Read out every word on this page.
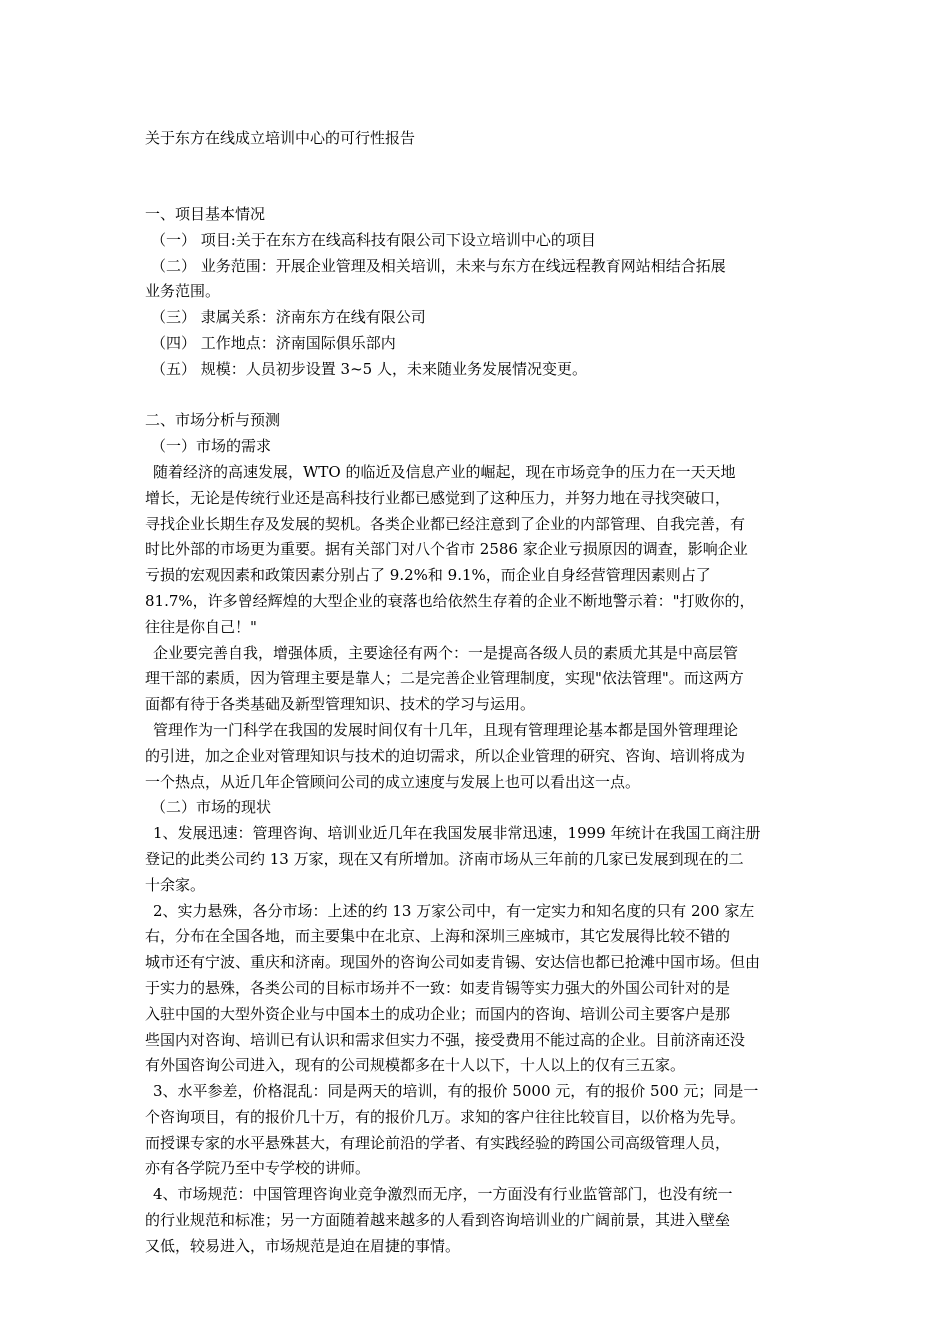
关于东方在线成立培训中心的可行性报告
一、项目基本情况
（一） 项目:关于在东方在线高科技有限公司下设立培训中心的项目
（二） 业务范围：开展企业管理及相关培训，未来与东方在线远程教育网站相结合拓展
业务范围。
（三） 隶属关系：济南东方在线有限公司
（四） 工作地点：济南国际俱乐部内
（五） 规模：人员初步设置 3~5 人，未来随业务发展情况变更。
二、市场分析与预测
（一）市场的需求
随着经济的高速发展，WTO 的临近及信息产业的崛起，现在市场竞争的压力在一天天地
增长，无论是传统行业还是高科技行业都已感觉到了这种压力，并努力地在寻找突破口，
寻找企业长期生存及发展的契机。各类企业都已经注意到了企业的内部管理、自我完善，有
时比外部的市场更为重要。据有关部门对八个省市 2586 家企业亏损原因的调查，影响企业
亏损的宏观因素和政策因素分别占了 9.2%和 9.1%，而企业自身经营管理因素则占了
81.7%，许多曾经辉煌的大型企业的衰落也给依然生存着的企业不断地警示着："打败你的，
往往是你自己！"
企业要完善自我，增强体质，主要途径有两个：一是提高各级人员的素质尤其是中高层管
理干部的素质，因为管理主要是靠人；二是完善企业管理制度，实现"依法管理"。而这两方
面都有待于各类基础及新型管理知识、技术的学习与运用。
管理作为一门科学在我国的发展时间仅有十几年，且现有管理理论基本都是国外管理理论
的引进，加之企业对管理知识与技术的迫切需求，所以企业管理的研究、咨询、培训将成为
一个热点，从近几年企管顾问公司的成立速度与发展上也可以看出这一点。
（二）市场的现状
1、发展迅速：管理咨询、培训业近几年在我国发展非常迅速，1999 年统计在我国工商注册
登记的此类公司约 13 万家，现在又有所增加。济南市场从三年前的几家已发展到现在的二
十余家。
2、实力悬殊，各分市场：上述的约 13 万家公司中，有一定实力和知名度的只有 200 家左
右，分布在全国各地，而主要集中在北京、上海和深圳三座城市，其它发展得比较不错的
城市还有宁波、重庆和济南。现国外的咨询公司如麦肯锡、安达信也都已抢滩中国市场。但由
于实力的悬殊，各类公司的目标市场并不一致：如麦肯锡等实力强大的外国公司针对的是
入驻中国的大型外资企业与中国本土的成功企业；而国内的咨询、培训公司主要客户是那
些国内对咨询、培训已有认识和需求但实力不强，接受费用不能过高的企业。目前济南还没
有外国咨询公司进入，现有的公司规模都多在十人以下，十人以上的仅有三五家。
3、水平参差，价格混乱：同是两天的培训，有的报价 5000 元，有的报价 500 元；同是一
个咨询项目，有的报价几十万，有的报价几万。求知的客户往往比较盲目，以价格为先导。
而授课专家的水平悬殊甚大，有理论前沿的学者、有实践经验的跨国公司高级管理人员，
亦有各学院乃至中专学校的讲师。
4、市场规范：中国管理咨询业竞争激烈而无序，一方面没有行业监管部门，也没有统一
的行业规范和标准；另一方面随着越来越多的人看到咨询培训业的广阔前景，其进入壁垒
又低，较易进入，市场规范是迫在眉捷的事情。
